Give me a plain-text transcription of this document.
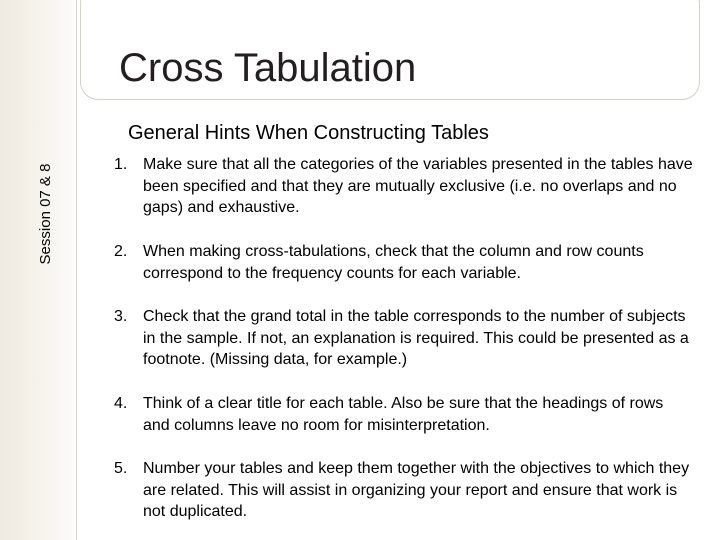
Cross Tabulation
Session 07 & 8
General Hints When Constructing Tables
1. Make sure that all the categories of the variables presented in the tables have been specified and that they are mutually exclusive (i.e. no overlaps and no gaps) and exhaustive.
2. When making cross-tabulations, check that the column and row counts correspond to the frequency counts for each variable.
3. Check that the grand total in the table corresponds to the number of subjects in the sample. If not, an explanation is required. This could be presented as a footnote. (Missing data, for example.)
4. Think of a clear title for each table. Also be sure that the headings of rows and columns leave no room for misinterpretation.
5. Number your tables and keep them together with the objectives to which they are related. This will assist in organizing your report and ensure that work is not duplicated.
